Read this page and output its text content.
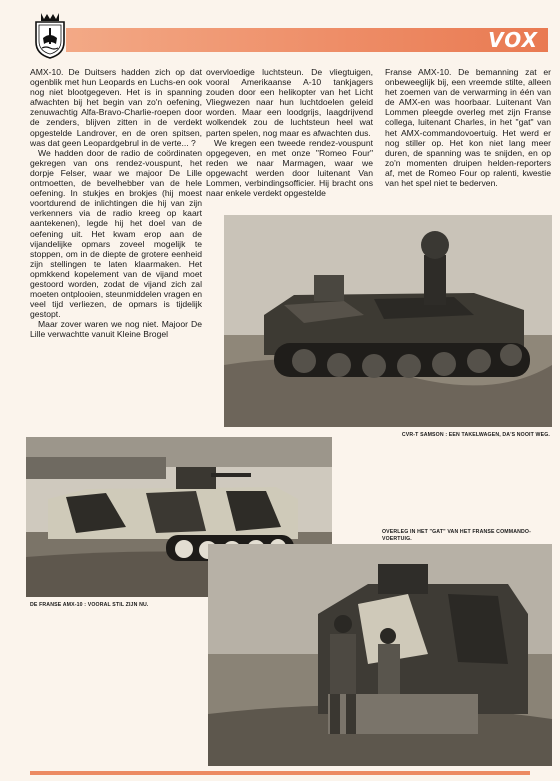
VOX

AMX-10. De Duitsers hadden zich op dat ogenblik met hun Leopards en Luchs-en ook nog niet blootgegeven. Het is in spanning afwachten bij het begin van zo'n oefening, zenuwachtig Alfa-Bravo-Charlie-roepen door de zenders, blijven zitten in de verdekt opgestelde Landrover, en de oren spitsen, was dat geen Leopardgebrul in de verte... ?

We hadden door de radio de coördinaten gekregen van ons rendez-vouspunt, het dorpje Felser, waar we majoor De Lille ontmoetten, de bevelhebber van de hele oefening. In stukjes en brokjes (hij moest voortdurend de inlichtingen die hij van zijn verkenners via de radio kreeg op kaart aantekenen), legde hij het doel van de oefening uit. Het kwam erop aan de vijandelijke opmars zoveel mogelijk te stoppen, om in de diepte de grotere eenheid zijn stellingen te laten klaarmaken. Het opmkkend kopelement van de vijand moet gestoord worden, zodat de vijand zich zal moeten ontplooien, steunmiddelen vragen en veel tijd verliezen, de opmars is tijdelijk gestopt.

Maar zover waren we nog niet. Majoor De Lille verwachtte vanuit Kleine Brogel

overvloedige luchtsteun. De vliegtuigen, vooral Amerikaanse A-10 tankjagers zouden door een helikopter van het Licht Vliegwezen naar hun luchtdoelen geleid worden. Maar een loodgrijs, laagdrijvend wolkendek zou de luchtsteun heel wat parten spelen, nog maar es afwachten dus.

We kregen een tweede rendez-vouspunt opgegeven, en met onze "Romeo Four" reden we naar Marmagen, waar we opgewacht werden door luitenant Van Lommen, verbindingsofficier. Hij bracht ons naar enkele verdekt opgestelde

Franse AMX-10. De bemanning zat er onbeweeglijk bij, een vreemde stilte, alleen het zoemen van de verwarming in één van de AMX-en was hoorbaar. Luitenant Van Lommen pleegde overleg met zijn Franse collega, luitenant Charles, in het "gat" van het AMX-commandovoertuig. Het werd er nog stiller op. Het kon niet lang meer duren, de spanning was te snijden, en op zo'n momenten druipen helden-reporters af, met de Romeo Four op ralenti, kwestie van het spel niet te bederven.

CVR-T SAMSON : EEN TAKELWAGEN, DA'S NOOIT WEG.
DE FRANSE AMX-10 : VOORAL STIL ZIJN NU.
OVERLEG IN HET "GAT" VAN HET FRANSE COMMANDO-VOERTUIG.
